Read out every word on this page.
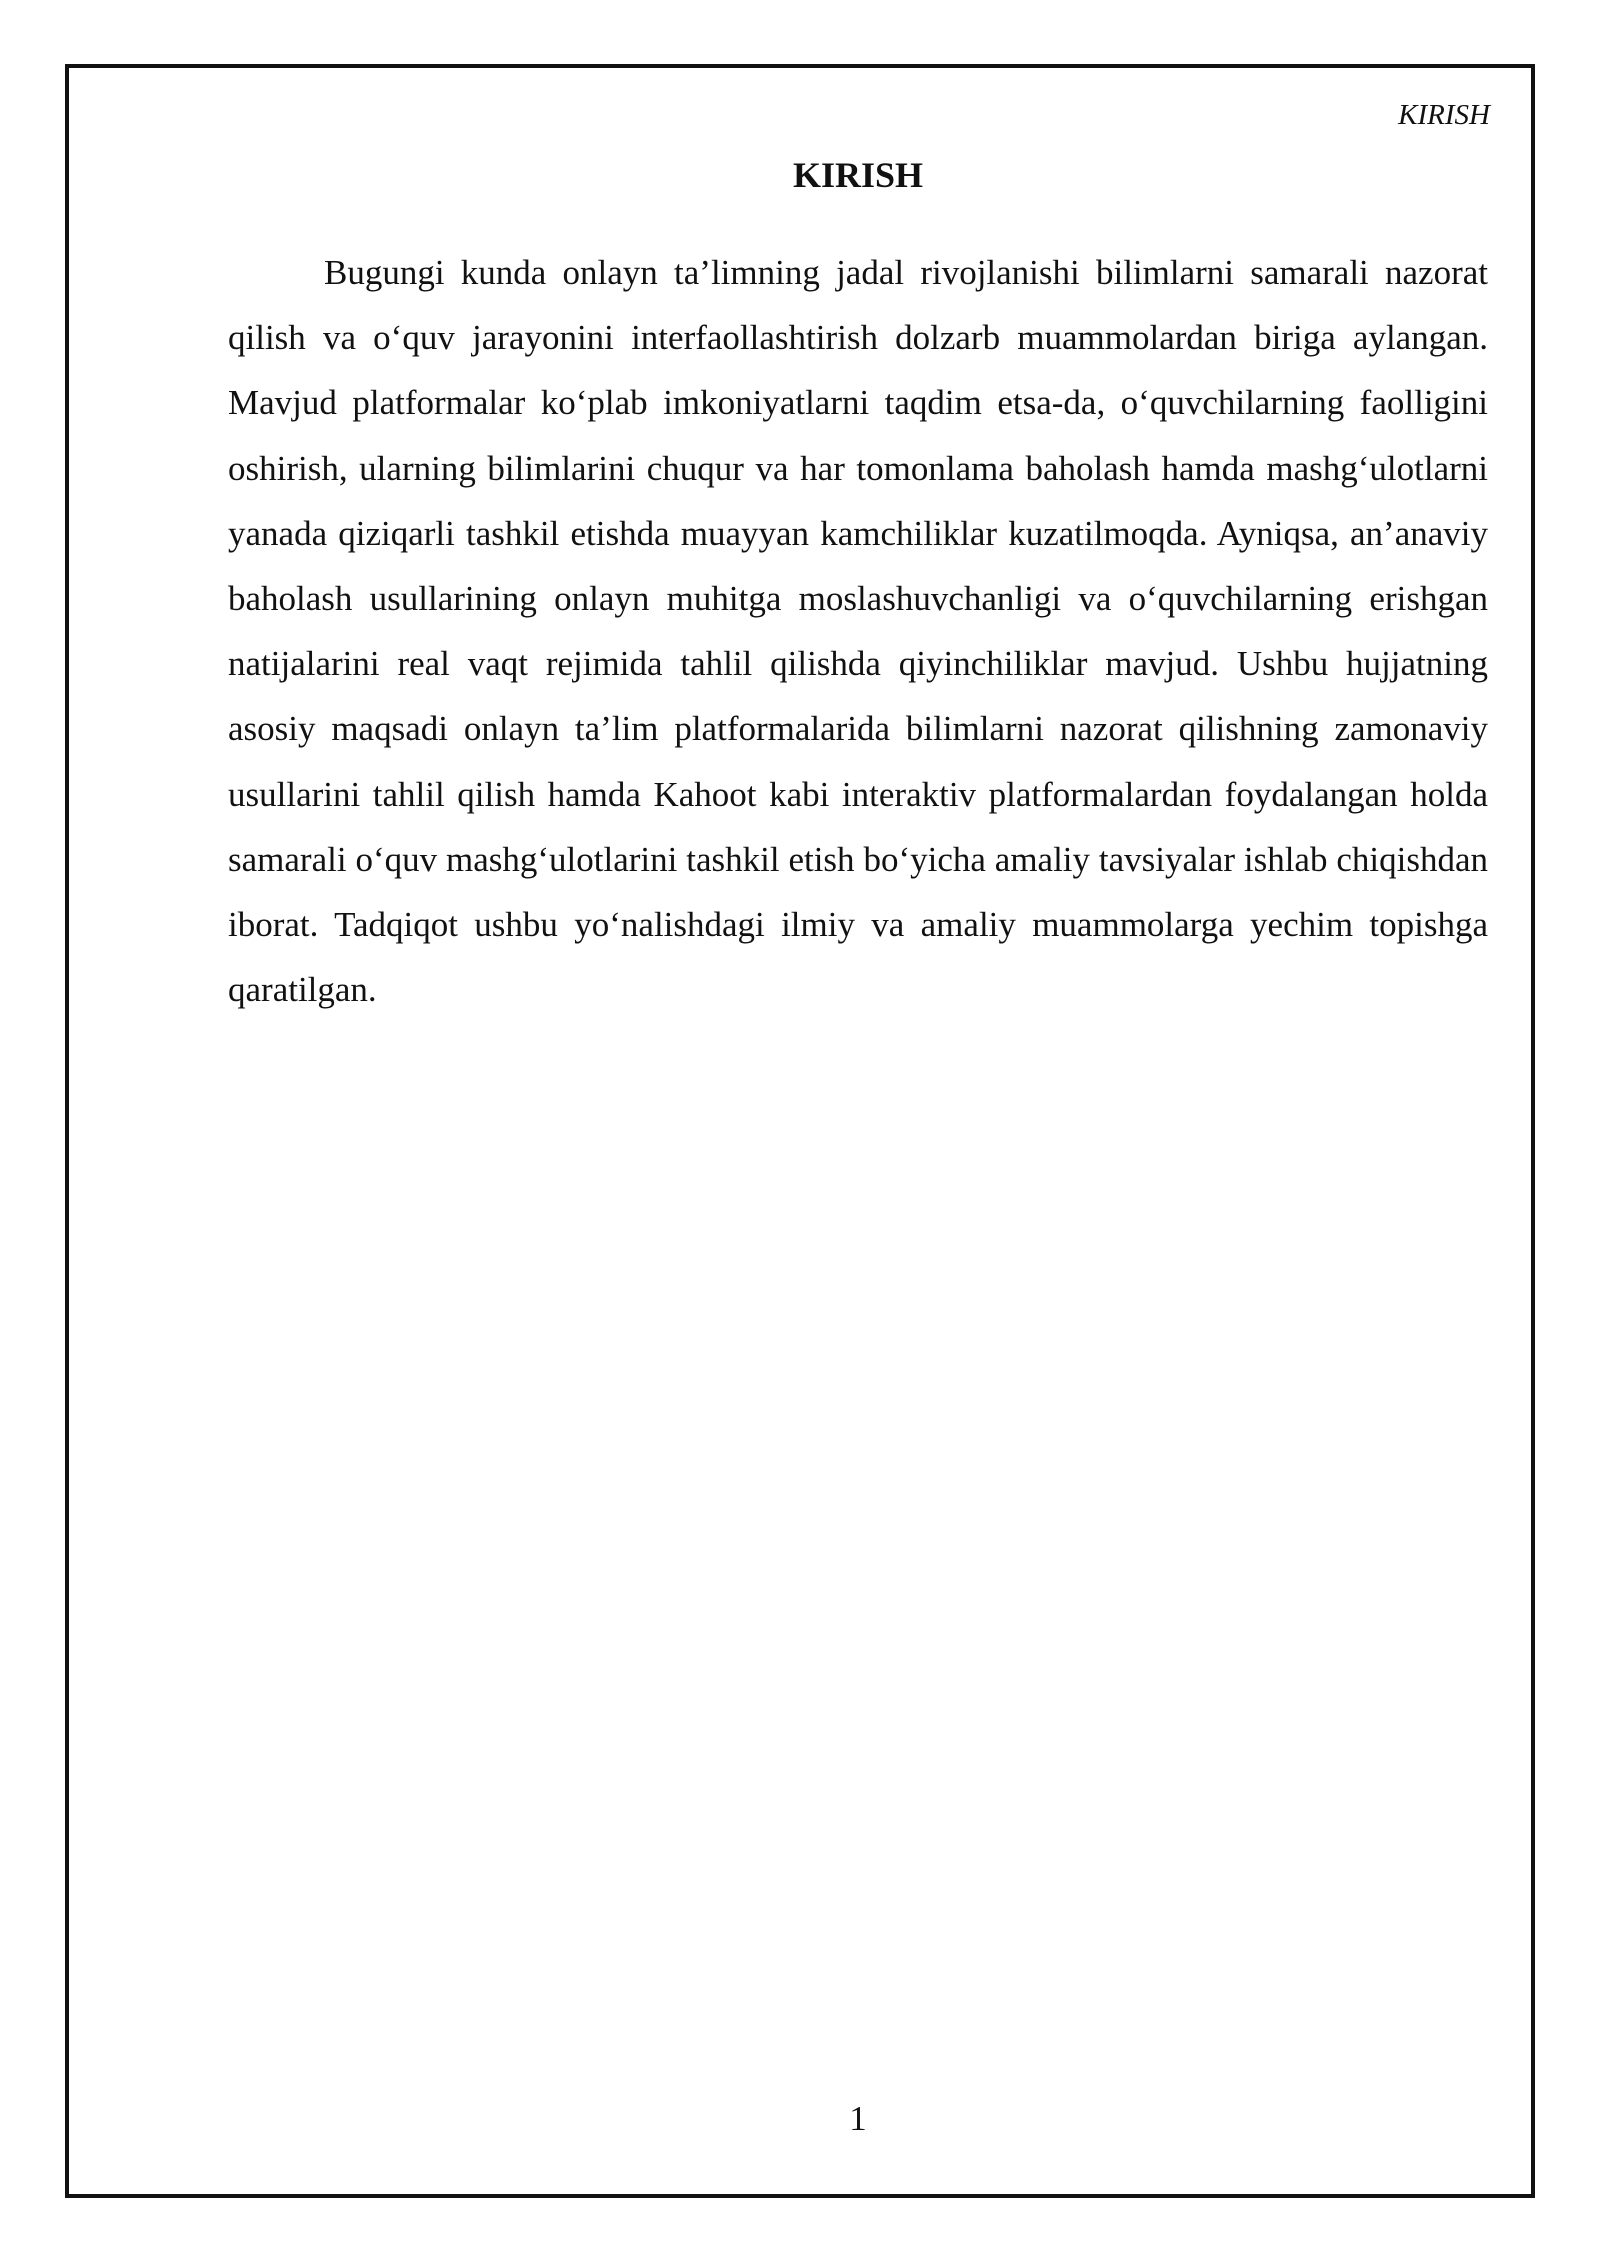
KIRISH
KIRISH

Bugungi kunda onlayn ta’limning jadal rivojlanishi bilimlarni samarali nazorat qilish va o‘quv jarayonini interfaollashtirish dolzarb muammolardan biriga aylangan. Mavjud platformalar ko‘plab imkoniyatlarni taqdim etsa-da, o‘quvchilarning faolligini oshirish, ularning bilimlarini chuqur va har tomonlama baholash hamda mashg‘ulotlarni yanada qiziqarli tashkil etishda muayyan kamchiliklar kuzatilmoqda. Ayniqsa, an’anaviy baholash usullarining onlayn muhitga moslashuvchanligi va o‘quvchilarning erishgan natijalarini real vaqt rejimida tahlil qilishda qiyinchiliklar mavjud. Ushbu hujjatning asosiy maqsadi onlayn ta’lim platformalarida bilimlarni nazorat qilishning zamonaviy usullarini tahlil qilish hamda Kahoot kabi interaktiv platformalardan foydalangan holda samarali o‘quv mashg‘ulotlarini tashkil etish bo‘yicha amaliy tavsiyalar ishlab chiqishdan iborat. Tadqiqot ushbu yo‘nalishdagi ilmiy va amaliy muammolarga yechim topishga qaratilgan.

1
